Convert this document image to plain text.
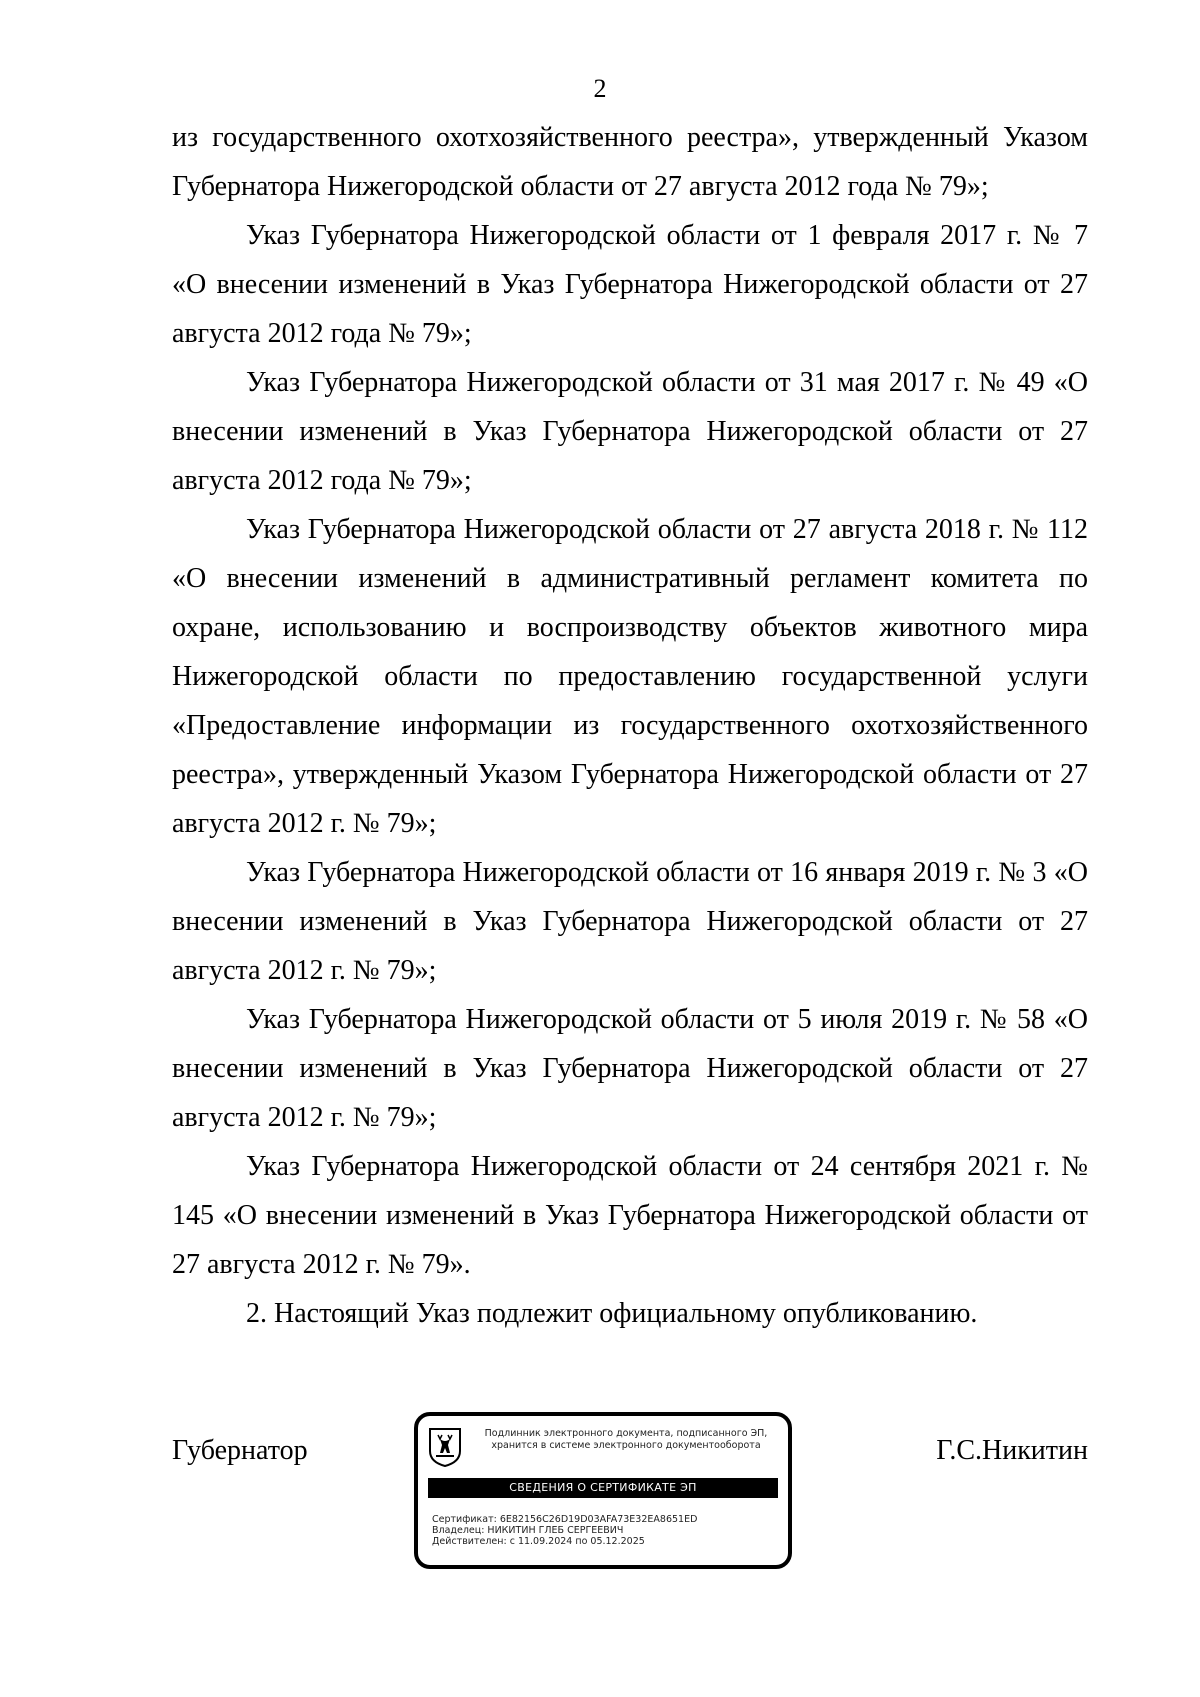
2

из государственного охотхозяйственного реестра», утвержденный Указом Губернатора Нижегородской области от 27 августа 2012 года № 79»;

Указ Губернатора Нижегородской области от 1 февраля 2017 г. № 7 «О внесении изменений в Указ Губернатора Нижегородской области от 27 августа 2012 года № 79»;

Указ Губернатора Нижегородской области от 31 мая 2017 г. № 49 «О внесении изменений в Указ Губернатора Нижегородской области от 27 августа 2012 года № 79»;

Указ Губернатора Нижегородской области от 27 августа 2018 г. № 112 «О внесении изменений в административный регламент комитета по охране, использованию и воспроизводству объектов животного мира Нижегородской области по предоставлению государственной услуги «Предоставление информации из государственного охотхозяйственного реестра», утвержденный Указом Губернатора Нижегородской области от 27 августа 2012 г. № 79»;

Указ Губернатора Нижегородской области от 16 января 2019 г. № 3 «О внесении изменений в Указ Губернатора Нижегородской области от 27 августа 2012 г. № 79»;

Указ Губернатора Нижегородской области от 5 июля 2019 г. № 58 «О внесении изменений в Указ Губернатора Нижегородской области от 27 августа 2012 г. № 79»;

Указ Губернатора Нижегородской области от 24 сентября 2021 г. № 145 «О внесении изменений в Указ Губернатора Нижегородской области от 27 августа 2012 г. № 79».

2. Настоящий Указ подлежит официальному опубликованию.

Губернатор
Подлинник электронного документа, подписанного ЭП,
хранится в системе электронного документооборота
СВЕДЕНИЯ О СЕРТИФИКАТЕ ЭП
Сертификат: 6E82156C26D19D03AFA73E32EA8651ED
Владелец: НИКИТИН ГЛЕБ СЕРГЕЕВИЧ
Действителен: с 11.09.2024 по 05.12.2025
Г.С.Никитин
